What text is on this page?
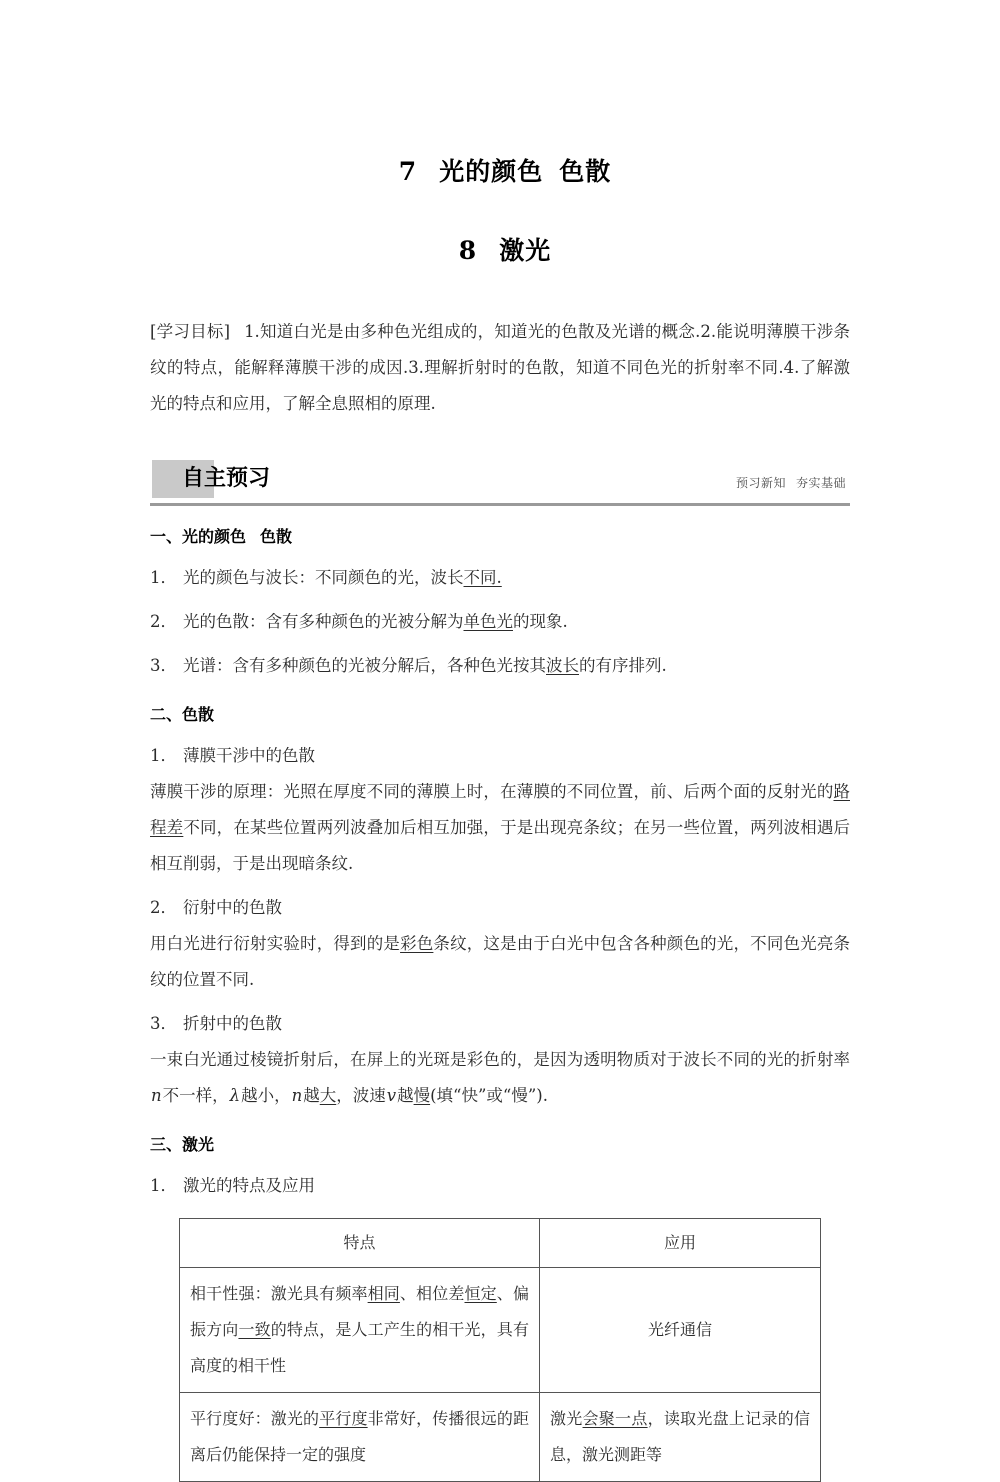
7 光的颜色 色散
8 激光

[学习目标] 1.知道白光是由多种色光组成的，知道光的色散及光谱的概念.2.能说明薄膜干涉条纹的特点，能解释薄膜干涉的成因.3.理解折射时的色散，知道不同色光的折射率不同.4.了解激光的特点和应用，了解全息照相的原理.

自主预习	预习新知 夯实基础
一、光的颜色 色散

1． 光的颜色与波长：不同颜色的光，波长不同.

2． 光的色散：含有多种颜色的光被分解为单色光的现象.

3． 光谱：含有多种颜色的光被分解后，各种色光按其波长的有序排列.

二、色散

1． 薄膜干涉中的色散

薄膜干涉的原理：光照在厚度不同的薄膜上时，在薄膜的不同位置，前、后两个面的反射光的路程差不同，在某些位置两列波叠加后相互加强，于是出现亮条纹；在另一些位置，两列波相遇后相互削弱，于是出现暗条纹.

2． 衍射中的色散

用白光进行衍射实验时，得到的是彩色条纹，这是由于白光中包含各种颜色的光，不同色光亮条纹的位置不同.

3． 折射中的色散

一束白光通过棱镜折射后，在屏上的光斑是彩色的，是因为透明物质对于波长不同的光的折射率n不一样，λ越小，n越大，波速v越慢(填“快”或“慢”).

三、激光

1． 激光的特点及应用

特点	应用
相干性强：激光具有频率相同、相位差恒定、偏振方向一致的特点，是人工产生的相干光，具有高度的相干性	光纤通信
平行度好：激光的平行度非常好，传播很远的距离后仍能保持一定的强度	激光会聚一点，读取光盘上记录的信息，激光测距等
